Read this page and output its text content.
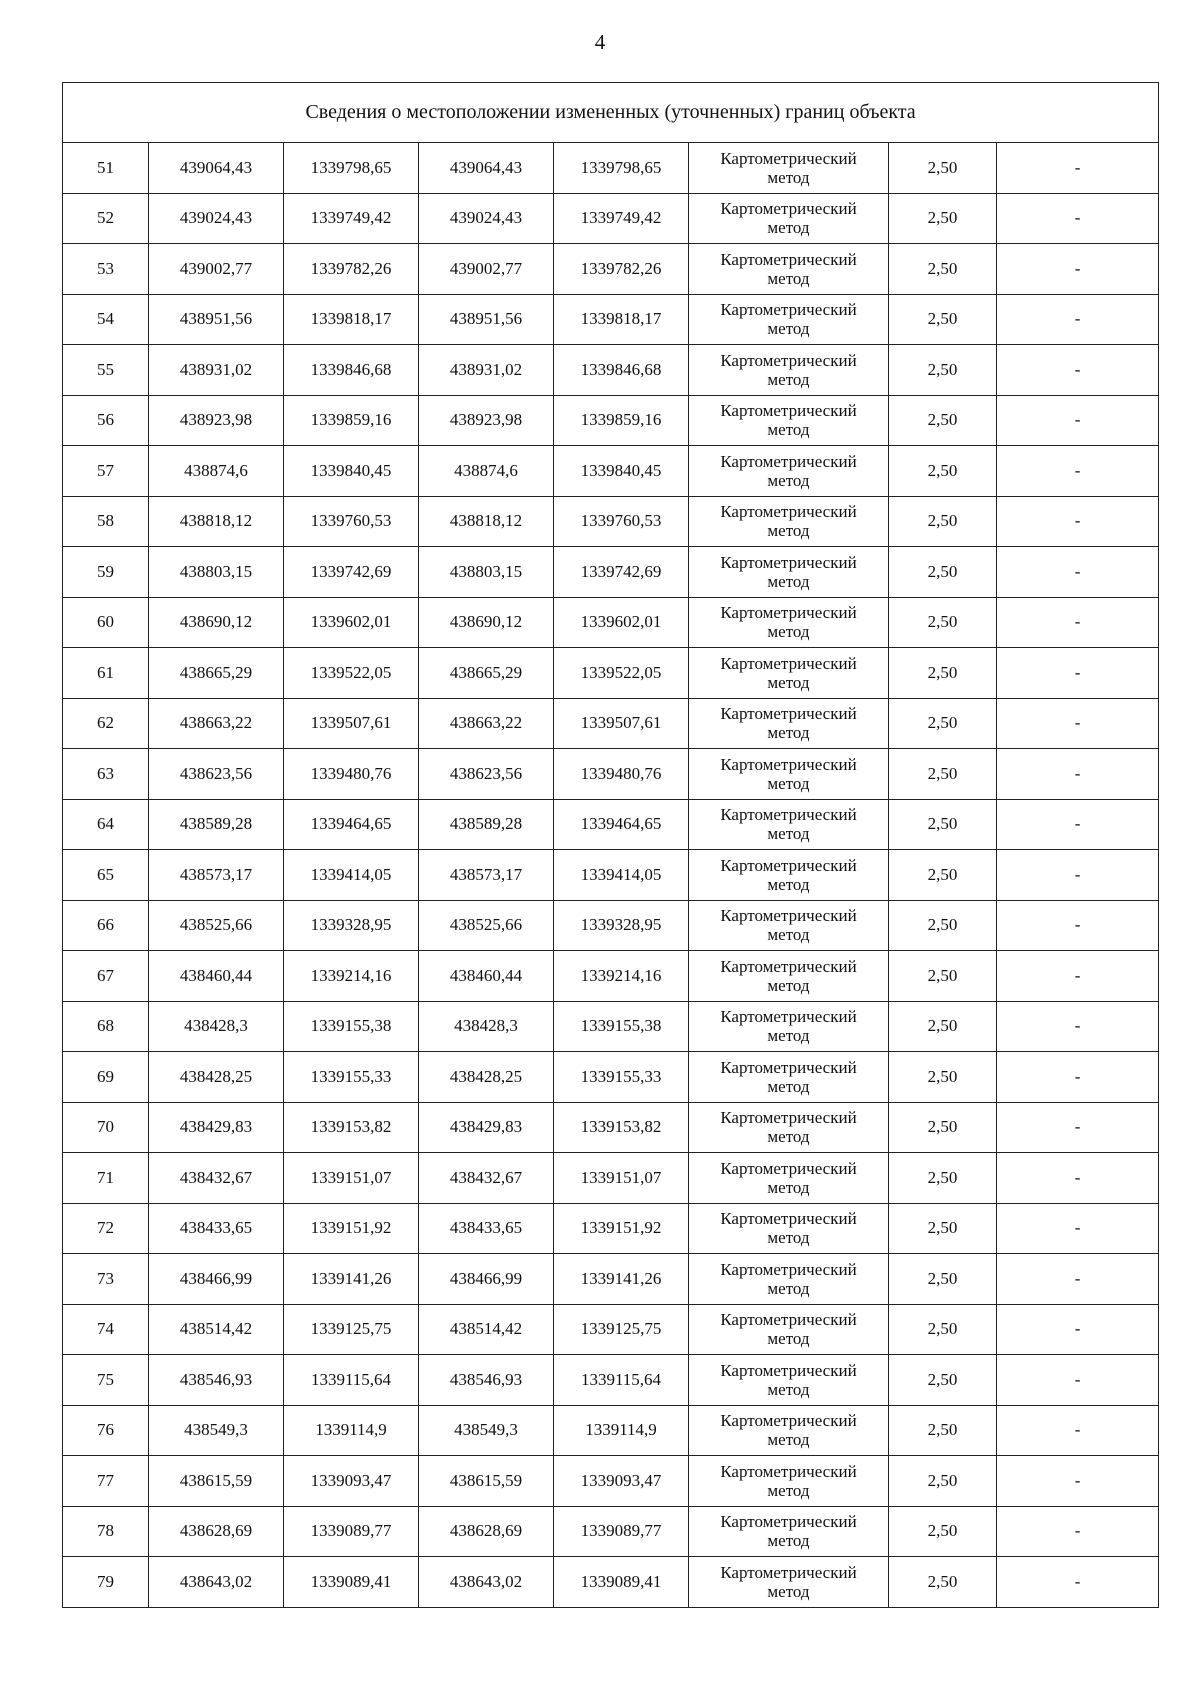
4
Сведения о местоположении измененных (уточненных) границ объекта							
51	439064,43	1339798,65	439064,43	1339798,65	Картометрический
метод	2,50	-
52	439024,43	1339749,42	439024,43	1339749,42	Картометрический
метод	2,50	-
53	439002,77	1339782,26	439002,77	1339782,26	Картометрический
метод	2,50	-
54	438951,56	1339818,17	438951,56	1339818,17	Картометрический
метод	2,50	-
55	438931,02	1339846,68	438931,02	1339846,68	Картометрический
метод	2,50	-
56	438923,98	1339859,16	438923,98	1339859,16	Картометрический
метод	2,50	-
57	438874,6	1339840,45	438874,6	1339840,45	Картометрический
метод	2,50	-
58	438818,12	1339760,53	438818,12	1339760,53	Картометрический
метод	2,50	-
59	438803,15	1339742,69	438803,15	1339742,69	Картометрический
метод	2,50	-
60	438690,12	1339602,01	438690,12	1339602,01	Картометрический
метод	2,50	-
61	438665,29	1339522,05	438665,29	1339522,05	Картометрический
метод	2,50	-
62	438663,22	1339507,61	438663,22	1339507,61	Картометрический
метод	2,50	-
63	438623,56	1339480,76	438623,56	1339480,76	Картометрический
метод	2,50	-
64	438589,28	1339464,65	438589,28	1339464,65	Картометрический
метод	2,50	-
65	438573,17	1339414,05	438573,17	1339414,05	Картометрический
метод	2,50	-
66	438525,66	1339328,95	438525,66	1339328,95	Картометрический
метод	2,50	-
67	438460,44	1339214,16	438460,44	1339214,16	Картометрический
метод	2,50	-
68	438428,3	1339155,38	438428,3	1339155,38	Картометрический
метод	2,50	-
69	438428,25	1339155,33	438428,25	1339155,33	Картометрический
метод	2,50	-
70	438429,83	1339153,82	438429,83	1339153,82	Картометрический
метод	2,50	-
71	438432,67	1339151,07	438432,67	1339151,07	Картометрический
метод	2,50	-
72	438433,65	1339151,92	438433,65	1339151,92	Картометрический
метод	2,50	-
73	438466,99	1339141,26	438466,99	1339141,26	Картометрический
метод	2,50	-
74	438514,42	1339125,75	438514,42	1339125,75	Картометрический
метод	2,50	-
75	438546,93	1339115,64	438546,93	1339115,64	Картометрический
метод	2,50	-
76	438549,3	1339114,9	438549,3	1339114,9	Картометрический
метод	2,50	-
77	438615,59	1339093,47	438615,59	1339093,47	Картометрический
метод	2,50	-
78	438628,69	1339089,77	438628,69	1339089,77	Картометрический
метод	2,50	-
79	438643,02	1339089,41	438643,02	1339089,41	Картометрический
метод	2,50	-
